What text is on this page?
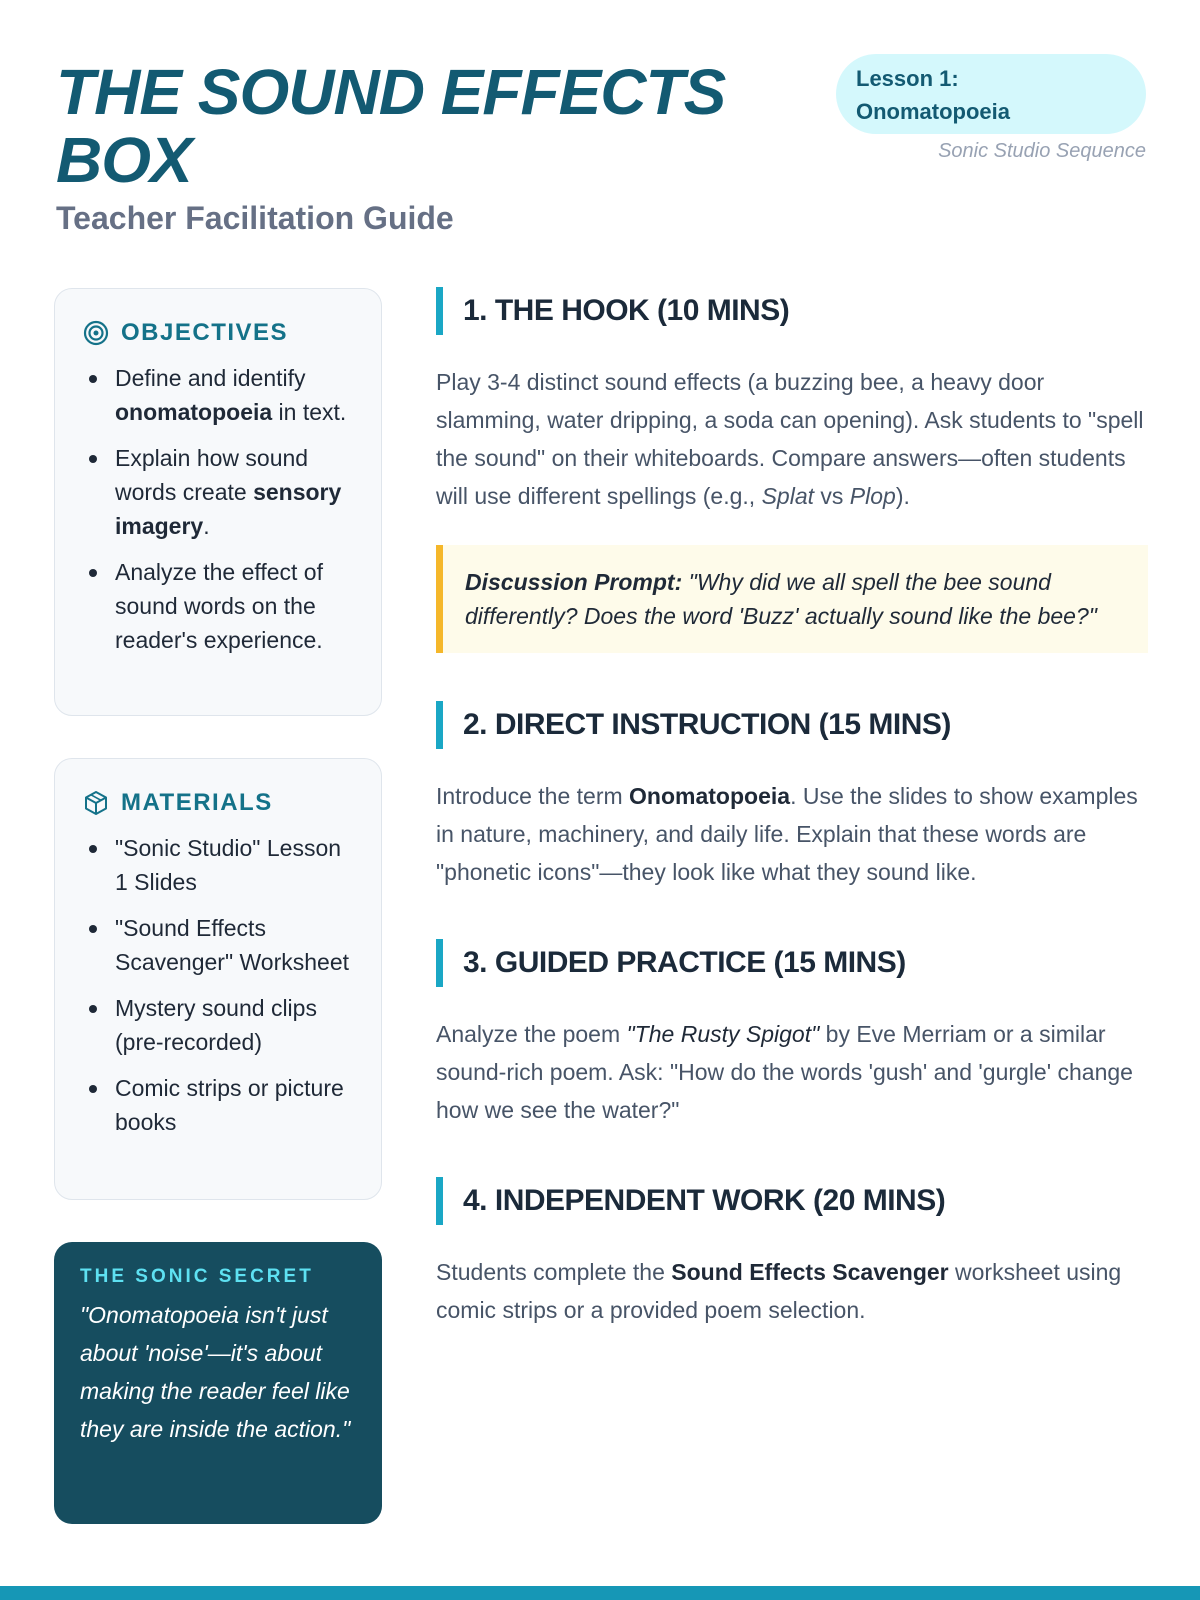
THE SOUND EFFECTS BOX
Teacher Facilitation Guide
Lesson 1:
Onomatopoeia
Sonic Studio Sequence
OBJECTIVES
Define and identify onomatopoeia in text.
Explain how sound words create sensory imagery.
Analyze the effect of sound words on the reader's experience.
MATERIALS
"Sonic Studio" Lesson 1 Slides
"Sound Effects Scavenger" Worksheet
Mystery sound clips (pre-recorded)
Comic strips or picture books
THE SONIC SECRET
"Onomatopoeia isn't just about 'noise'—it's about making the reader feel like they are inside the action."
1. THE HOOK (10 MINS)

Play 3-4 distinct sound effects (a buzzing bee, a heavy door slamming, water dripping, a soda can opening). Ask students to "spell the sound" on their whiteboards. Compare answers—often students will use different spellings (e.g., Splat vs Plop).

Discussion Prompt: "Why did we all spell the bee sound differently? Does the word 'Buzz' actually sound like the bee?"
2. DIRECT INSTRUCTION (15 MINS)

Introduce the term Onomatopoeia. Use the slides to show examples in nature, machinery, and daily life. Explain that these words are "phonetic icons"—they look like what they sound like.

3. GUIDED PRACTICE (15 MINS)

Analyze the poem "The Rusty Spigot" by Eve Merriam or a similar sound-rich poem. Ask: "How do the words 'gush' and 'gurgle' change how we see the water?"

4. INDEPENDENT WORK (20 MINS)

Students complete the Sound Effects Scavenger worksheet using comic strips or a provided poem selection.
